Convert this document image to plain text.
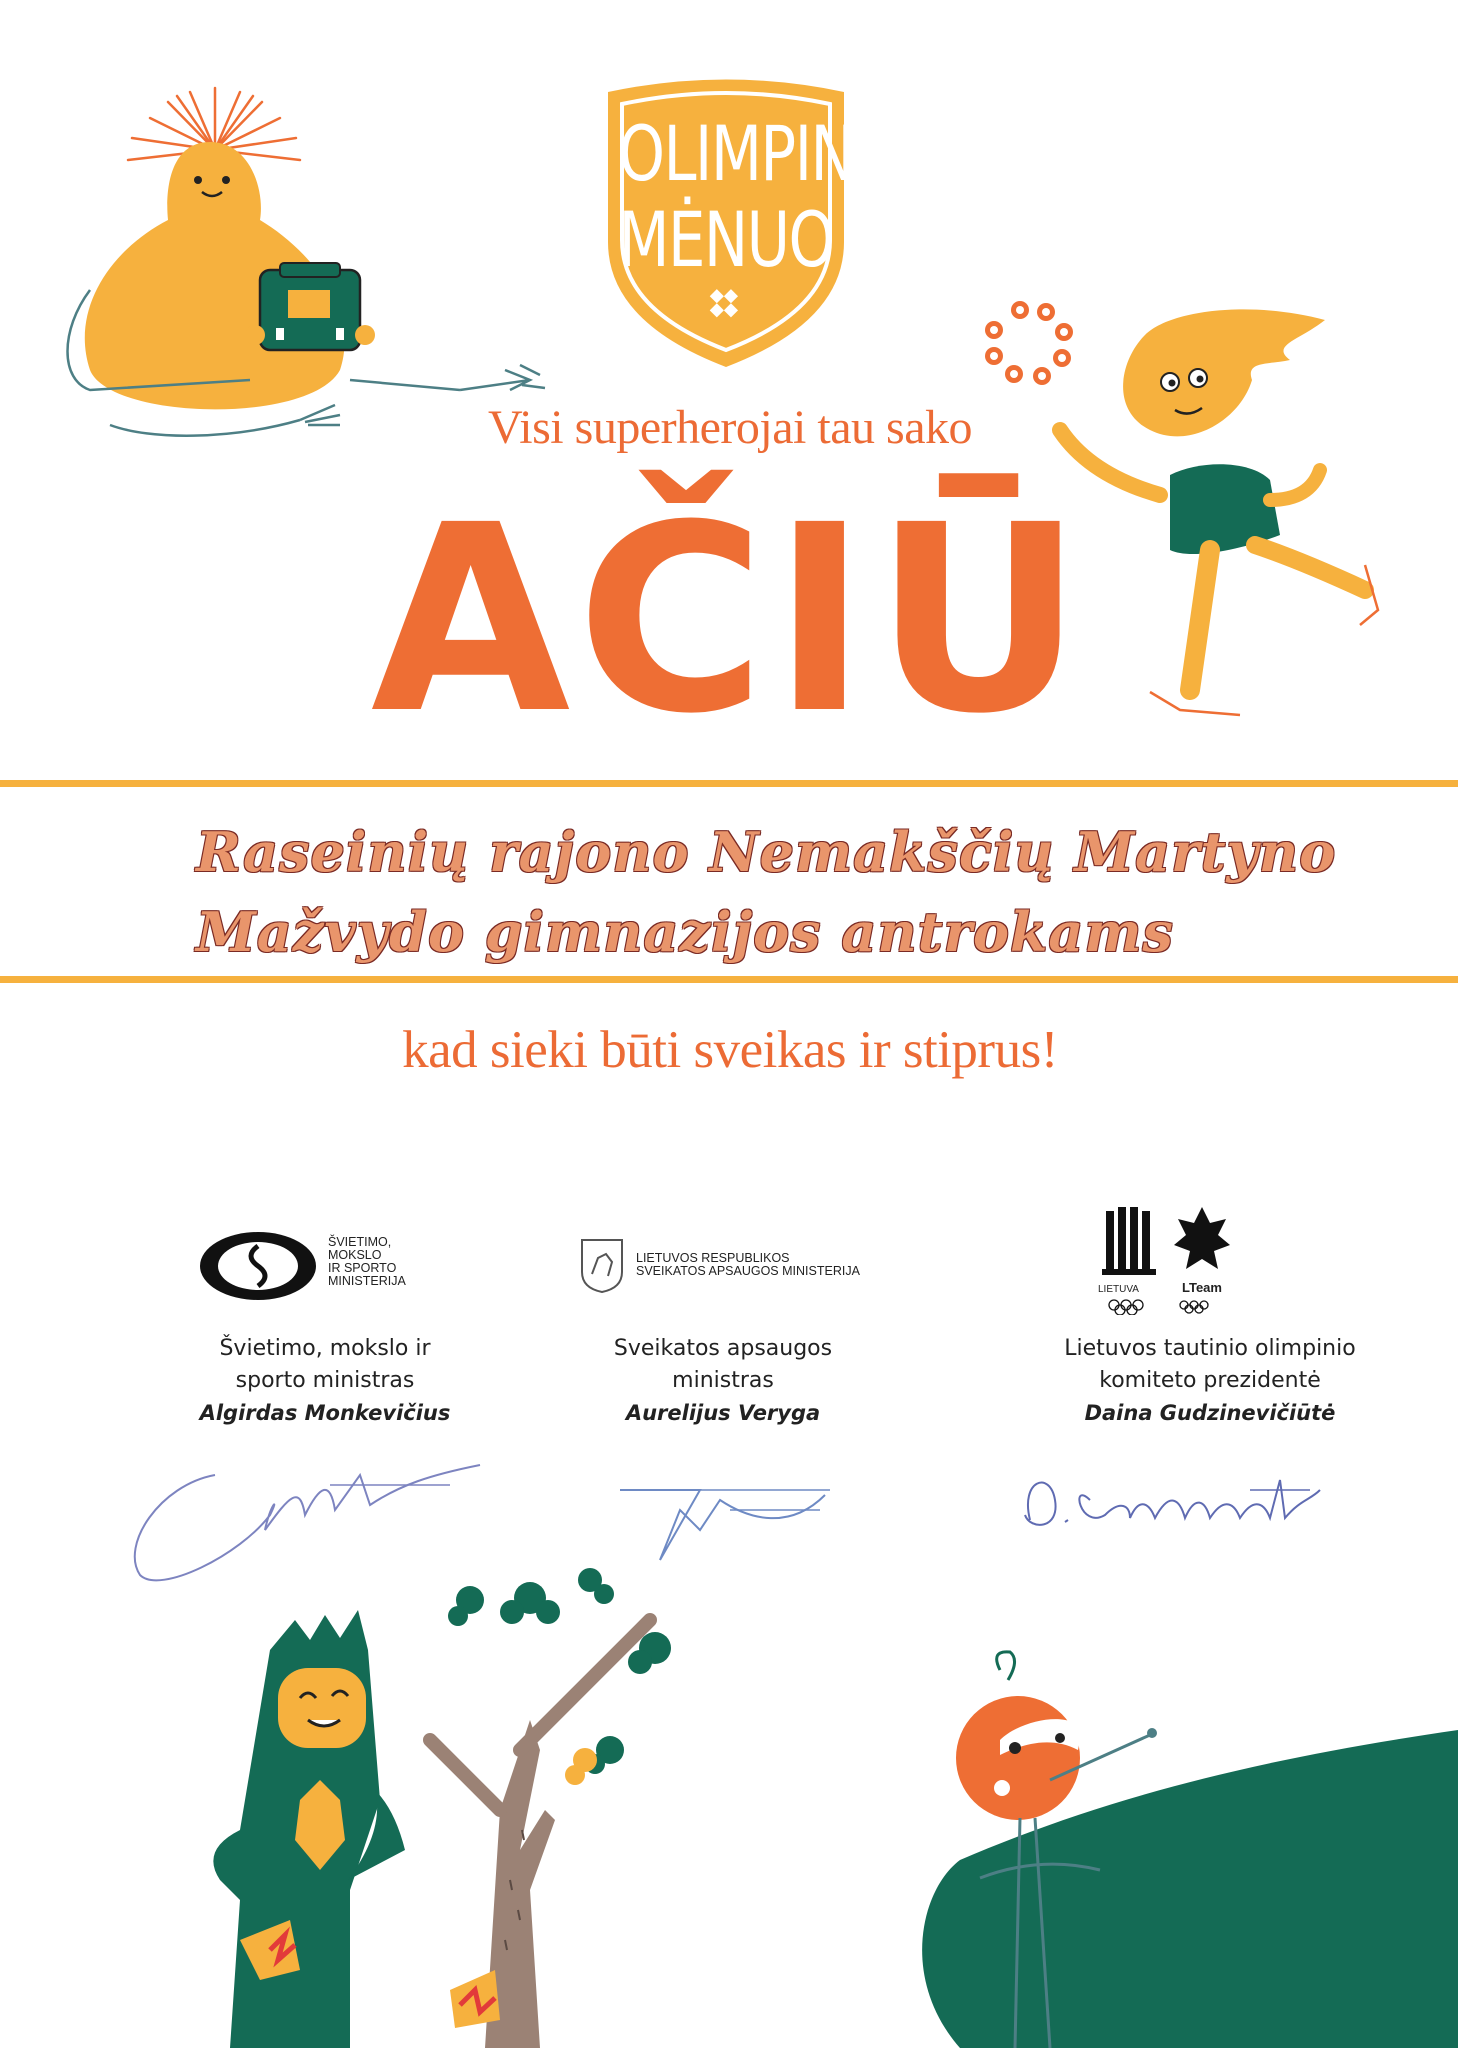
OLIMPINIS
MĖNUO
Visi superherojai tau sako
AČIŪ
Raseinių rajono Nemakščių Martyno
Mažvydo gimnazijos antrokams
kad sieki būti sveikas ir stiprus!
ŠVIETIMO,
MOKSLO
IR SPORTO
MINISTERIJA
LIETUVOS RESPUBLIKOS
SVEIKATOS APSAUGOS MINISTERIJA
LIETUVA	LTeam
Švietimo, mokslo ir
sporto ministras
Algirdas Monkevičius
Sveikatos apsaugos
ministras
Aurelijus Veryga
Lietuvos tautinio olimpinio
komiteto prezidentė
Daina Gudzinevičiūtė
